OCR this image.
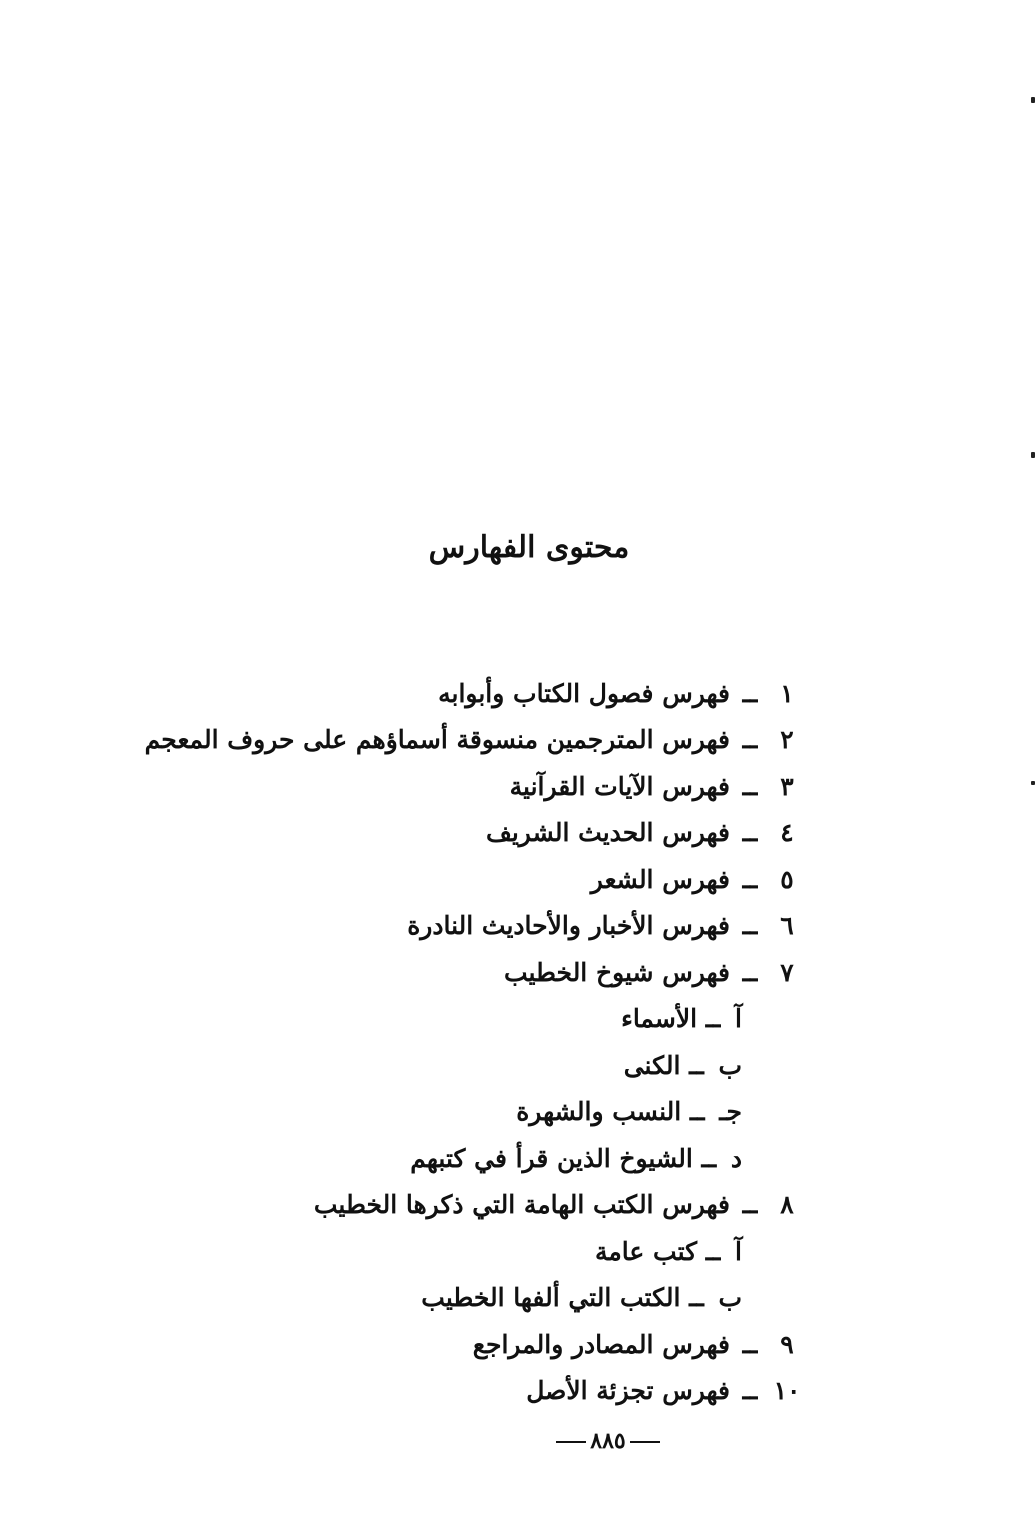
محتوى الفهارس
١
ــ
فهرس فصول الكتاب وأبوابه
٢
ــ
فهرس المترجمين منسوقة أسماؤهم على حروف المعجم
٣
ــ
فهرس الآيات القرآنية
٤
ــ
فهرس الحديث الشريف
٥
ــ
فهرس الشعر
٦
ــ
فهرس الأخبار والأحاديث النادرة
٧
ــ
فهرس شيوخ الخطيب
آ
ــ
الأسماء
ب
ــ
الكنى
جـ
ــ
النسب والشهرة
د
ــ
الشيوخ الذين قرأ في كتبهم
٨
ــ
فهرس الكتب الهامة التي ذكرها الخطيب
آ
ــ
كتب عامة
ب
ــ
الكتب التي ألفها الخطيب
٩
ــ
فهرس المصادر والمراجع
١٠
ــ
فهرس تجزئة الأصل
٨٨٥
